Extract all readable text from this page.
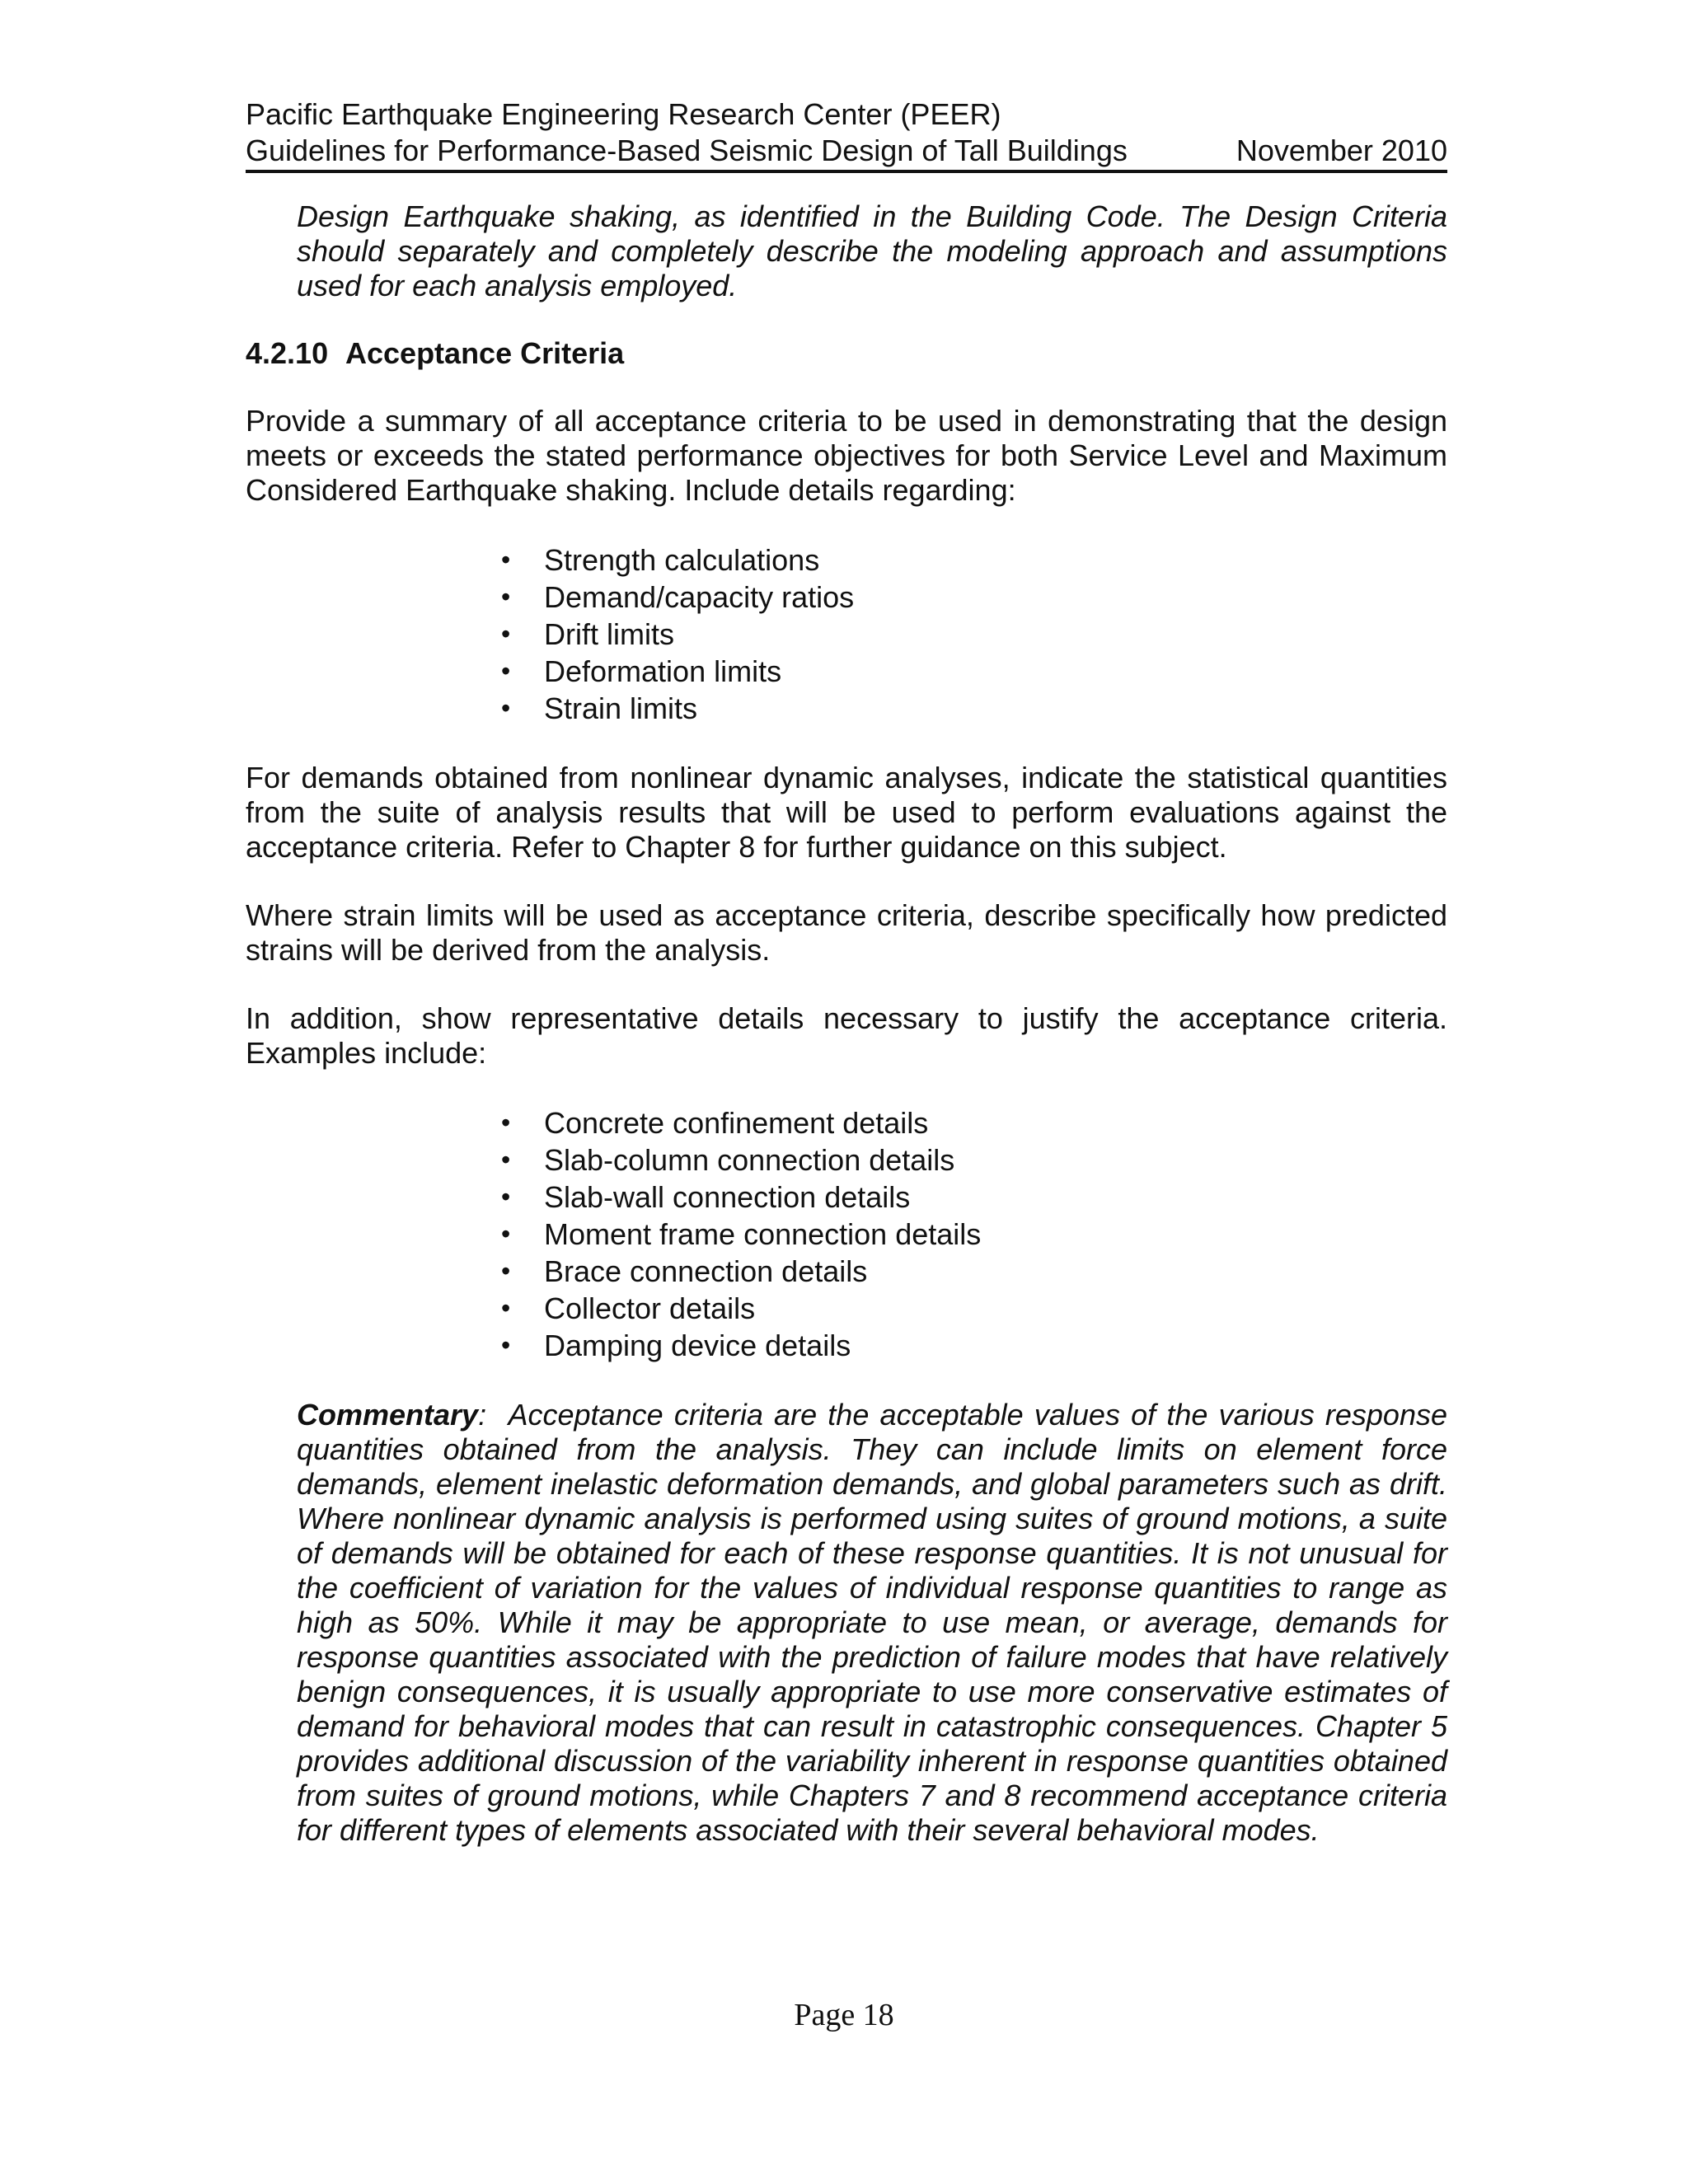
Pacific Earthquake Engineering Research Center (PEER)
Guidelines for Performance-Based Seismic Design of Tall Buildings	November 2010
Design Earthquake shaking, as identified in the Building Code. The Design Criteria should separately and completely describe the modeling approach and assumptions used for each analysis employed.
4.2.10 Acceptance Criteria

Provide a summary of all acceptance criteria to be used in demonstrating that the design meets or exceeds the stated performance objectives for both Service Level and Maximum Considered Earthquake shaking. Include details regarding:

• Strength calculations
• Demand/capacity ratios
• Drift limits
• Deformation limits
• Strain limits

For demands obtained from nonlinear dynamic analyses, indicate the statistical quantities from the suite of analysis results that will be used to perform evaluations against the acceptance criteria. Refer to Chapter 8 for further guidance on this subject.

Where strain limits will be used as acceptance criteria, describe specifically how predicted strains will be derived from the analysis.

In addition, show representative details necessary to justify the acceptance criteria. Examples include:

• Concrete confinement details
• Slab-column connection details
• Slab-wall connection details
• Moment frame connection details
• Brace connection details
• Collector details
• Damping device details
Commentary: Acceptance criteria are the acceptable values of the various response quantities obtained from the analysis. They can include limits on element force demands, element inelastic deformation demands, and global parameters such as drift. Where nonlinear dynamic analysis is performed using suites of ground motions, a suite of demands will be obtained for each of these response quantities. It is not unusual for the coefficient of variation for the values of individual response quantities to range as high as 50%. While it may be appropriate to use mean, or average, demands for response quantities associated with the prediction of failure modes that have relatively benign consequences, it is usually appropriate to use more conservative estimates of demand for behavioral modes that can result in catastrophic consequences. Chapter 5 provides additional discussion of the variability inherent in response quantities obtained from suites of ground motions, while Chapters 7 and 8 recommend acceptance criteria for different types of elements associated with their several behavioral modes.
Page 18
